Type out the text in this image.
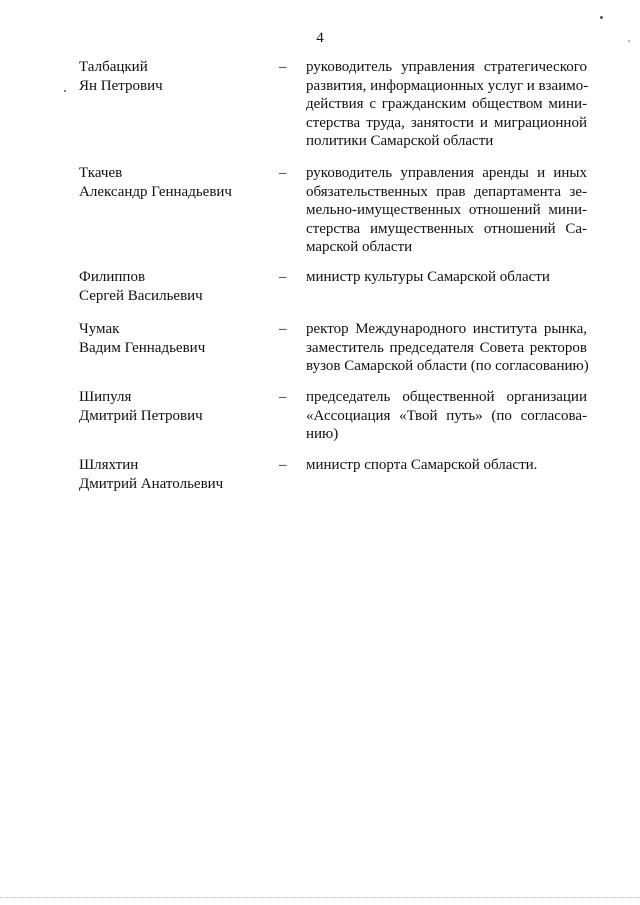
4
Талбацкий
Ян Петрович
– руководитель управления стратегического
развития, информационных услуг и взаимо-
действия с гражданским обществом мини-
стерства труда, занятости и миграционной
политики Самарской области
Ткачев
Александр Геннадьевич
– руководитель управления аренды и иных
обязательственных прав департамента зе-
мельно-имущественных отношений мини-
стерства имущественных отношений Са-
марской области
Филиппов
Сергей Васильевич
– министр культуры Самарской области
Чумак
Вадим Геннадьевич
– ректор Международного института рынка,
заместитель председателя Совета ректоров
вузов Самарской области (по согласованию)
Шипуля
Дмитрий Петрович
– председатель общественной организации
«Ассоциация «Твой путь» (по согласова-
нию)
Шляхтин
Дмитрий Анатольевич
– министр спорта Самарской области.
